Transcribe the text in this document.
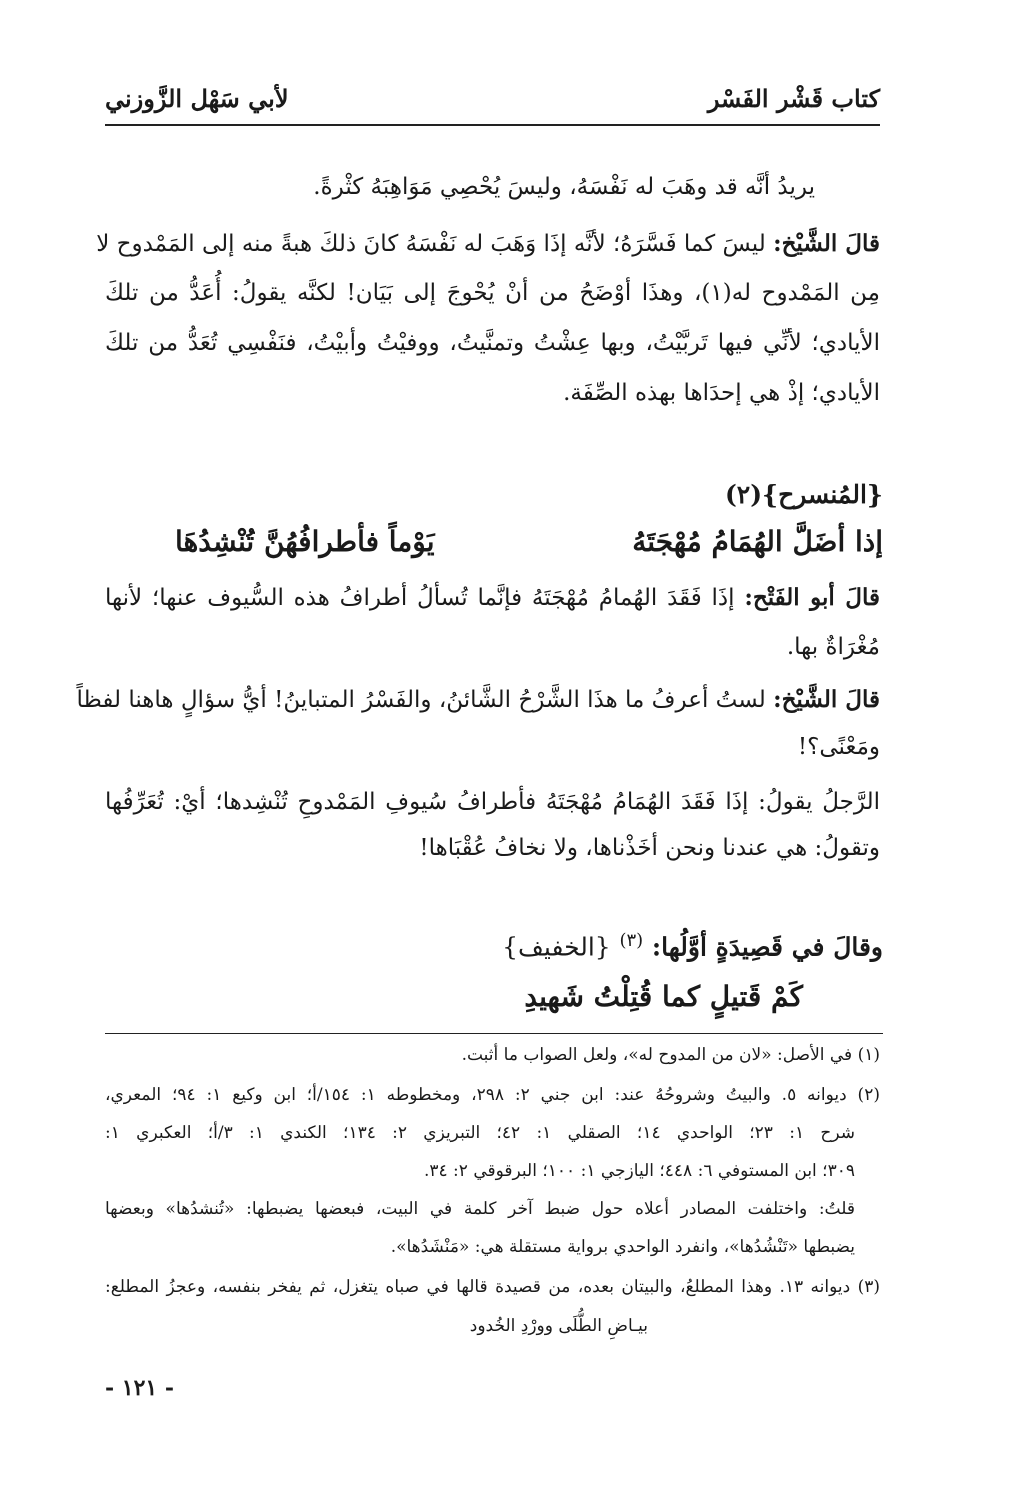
كتاب قَشْر الفَسْر
لأبي سَهْل الزَّوزني
يريدُ أنَّه قد وهَبَ له نَفْسَهُ، وليسَ يُحْصِي مَوَاهِبَهُ كثْرةً.
قالَ الشَّيْخ: ليسَ كما فَسَّرَهُ؛ لأنَّه إذَا وَهَبَ له نَفْسَهُ كانَ ذلكَ هبةً منه إلى المَمْدوح لا
مِن المَمْدوح له(١)، وهذَا أوْضَحُ من أنْ يُحْوجَ إلى بَيَان! لكنَّه يقولُ: أُعَدُّ من تلكَ
الأيادي؛ لأنِّي فيها تَربَّيْتُ، وبها عِشْتُ وتمنَّيتُ، ووفيْتُ وأبيْتُ، فنَفْسِي تُعَدُّ من تلكَ
الأيادي؛ إذْ هي إحدَاها بهذه الصِّفَة.
{المُنسرح}(٢)
إذا أضَلَّ الهُمَامُ مُهْجَتَهُ
يَوْماً فأطرافُهُنَّ تُنْشِدُهَا
قالَ أبو الفَتْح: إذَا فَقَدَ الهُمامُ مُهْجَتَهُ فإنَّما تُسألُ أطرافُ هذه السُّيوف عنها؛ لأنها
مُغْرَاةٌ بها.
قالَ الشَّيْخ: لستُ أعرفُ ما هذَا الشَّرْحُ الشَّائنُ، والفَسْرُ المتباينُ! أيُّ سؤالٍ هاهنا لفظاً
ومَعْنًى؟!
الرَّجلُ يقولُ: إذَا فَقَدَ الهُمَامُ مُهْجَتَهُ فأطرافُ سُيوفِ المَمْدوحِ تُنْشِدها؛ أيْ: تُعَرِّفُها
وتقولُ: هي عندنا ونحن أخَذْناها، ولا نخافُ عُقْبَاها!
وقالَ في قَصِيدَةٍ أوَّلُها: $^{(٣)}$ {الخفيف}
كَمْ قَتيلٍ كما قُتِلْتُ شَهيدِ
(١) في الأصل: «لان من المدوح له»، ولعل الصواب ما أثبت.
(٢) ديوانه ٥. والبيتُ وشروحُهُ عند: ابن جني ٢: ٢٩٨، ومخطوطه ١: ١٥٤/أ؛ ابن وكيع ١: ٩٤؛ المعري،
شرح ١: ٢٣؛ الواحدي ١٤؛ الصقلي ١: ٤٢؛ التبريزي ٢: ١٣٤؛ الكندي ١: ٣/أ؛ العكبري ١:
٣٠٩؛ ابن المستوفي ٦: ٤٤٨؛ اليازجي ١: ١٠٠؛ البرقوقي ٢: ٣٤.
قلتُ: واختلفت المصادر أعلاه حول ضبط آخر كلمة في البيت، فبعضها يضبطها: «تُنشدُها» وبعضها
يضبطها «تَنْشُدُها»، وانفرد الواحدي برواية مستقلة هي: «مَنْشَدُها».
(٣) ديوانه ١٣. وهذا المطلعُ، والبيتان بعده، من قصيدة قالها في صباه يتغزل، ثم يفخر بنفسه، وعجزُ المطلع:
بيـاضِ الطُّلَى وورْدِ الخُدود
- ١٢١ -
